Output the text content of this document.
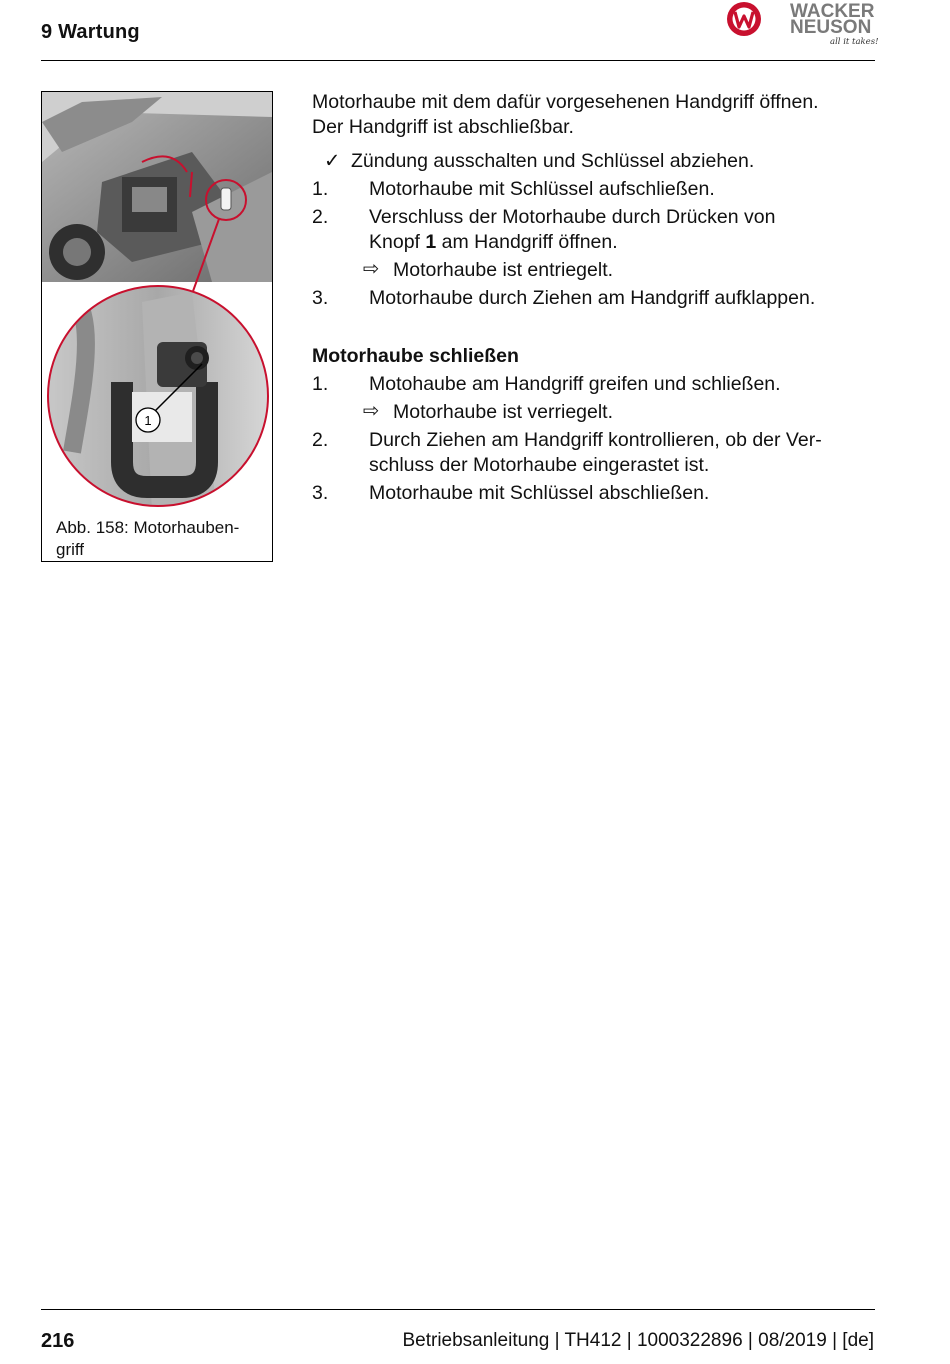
9 Wartung
WACKER
NEUSON
all it takes!
1
Abb. 158: Motorhauben-
griff

Motorhaube mit dem dafür vorgesehenen Handgriff öffnen.

Der Handgriff ist abschließbar.

✓ Zündung ausschalten und Schlüssel abziehen.
1. Motorhaube mit Schlüssel aufschließen.
2. Verschluss der Motorhaube durch Drücken von
Knopf 1 am Handgriff öffnen.
⇨ Motorhaube ist entriegelt.
3. Motorhaube durch Ziehen am Handgriff aufklappen.
Motorhaube schließen
1. Motohaube am Handgriff greifen und schließen.
⇨ Motorhaube ist verriegelt.
2. Durch Ziehen am Handgriff kontrollieren, ob der Ver-
schluss der Motorhaube eingerastet ist.
3. Motorhaube mit Schlüssel abschließen.
216	Betriebsanleitung | TH412 | 1000322896 | 08/2019 | [de]
